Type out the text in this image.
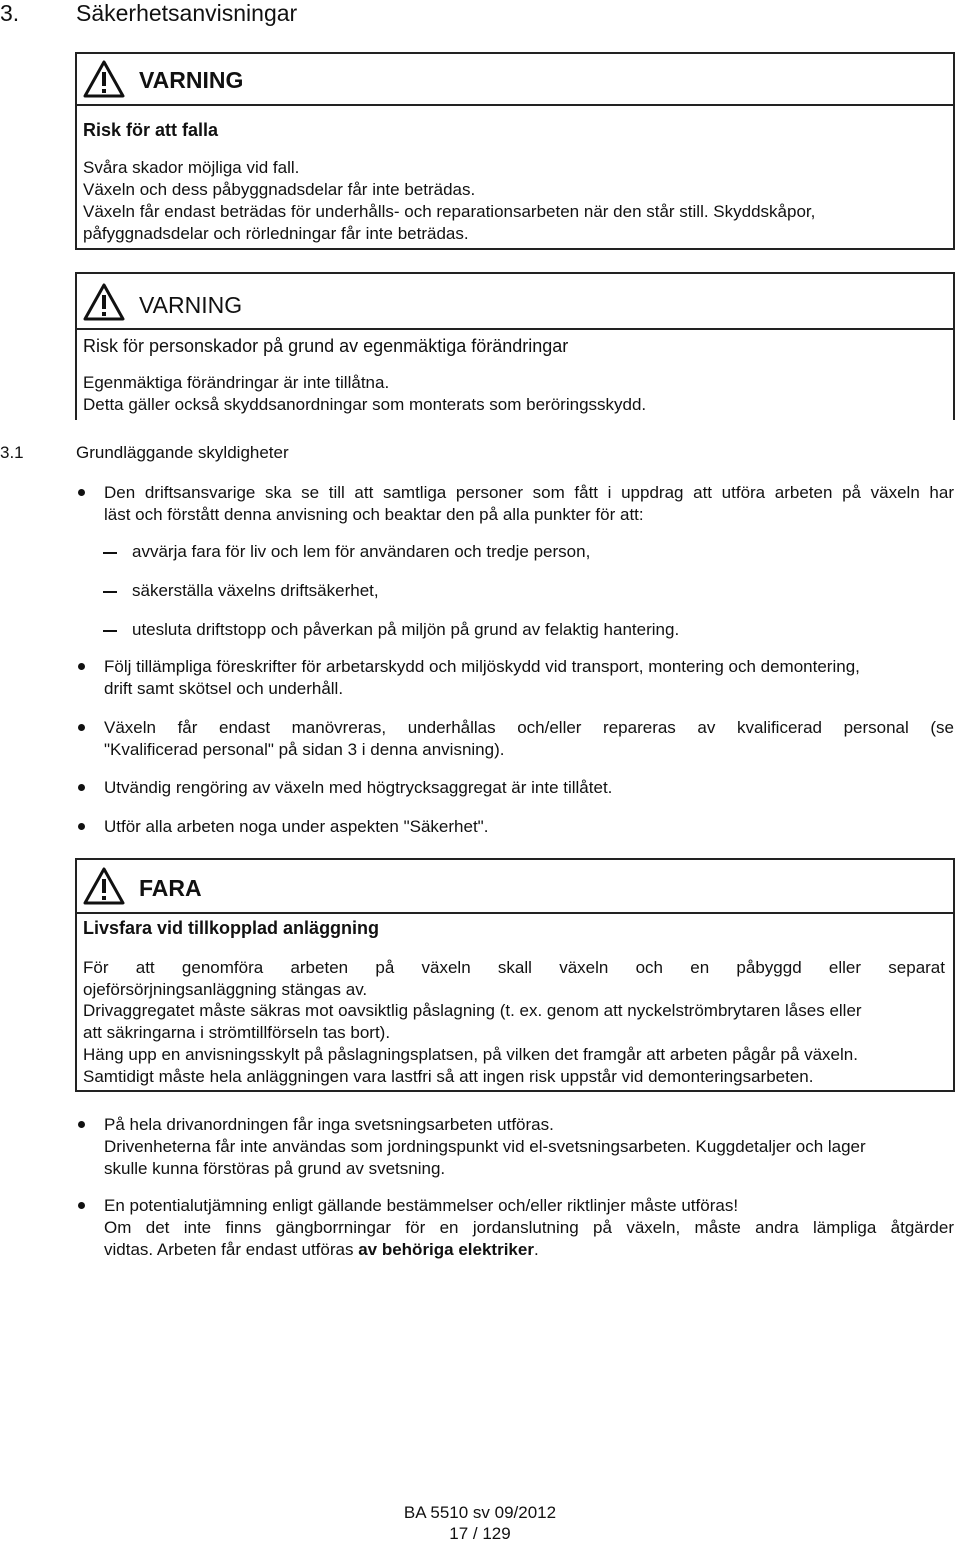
3. Säkerhetsanvisningar
VARNING
Risk för att falla
Svåra skador möjliga vid fall.
Växeln och dess påbyggnadsdelar får inte beträdas.
Växeln får endast beträdas för underhålls- och reparationsarbeten när den står still. Skyddskåpor,
påfyggnadsdelar och rörledningar får inte beträdas.
VARNING
Risk för personskador på grund av egenmäktiga förändringar
Egenmäktiga förändringar är inte tillåtna.
Detta gäller också skyddsanordningar som monterats som beröringsskydd.
3.1	Grundläggande skyldigheter
Den driftsansvarige ska se till att samtliga personer som fått i uppdrag att utföra arbeten på växeln har
läst och förstått denna anvisning och beaktar den på alla punkter för att:
avvärja fara för liv och lem för användaren och tredje person,
säkerställa växelns driftsäkerhet,
utesluta driftstopp och påverkan på miljön på grund av felaktig hantering.
Följ tillämpliga föreskrifter för arbetarskydd och miljöskydd vid transport, montering och demontering,
drift samt skötsel och underhåll.
Växeln får endast manövreras, underhållas och/eller repareras av kvalificerad personal (se
"Kvalificerad personal" på sidan 3 i denna anvisning).
Utvändig rengöring av växeln med högtrycksaggregat är inte tillåtet.
Utför alla arbeten noga under aspekten "Säkerhet".
FARA
Livsfara vid tillkopplad anläggning
För att genomföra arbeten på växeln skall växeln och en påbyggd eller separat
ojeförsörjningsanläggning stängas av.
Drivaggregatet måste säkras mot oavsiktlig påslagning (t. ex. genom att nyckelströmbrytaren låses eller
att säkringarna i strömtillförseln tas bort).
Häng upp en anvisningsskylt på påslagningsplatsen, på vilken det framgår att arbeten pågår på växeln.
Samtidigt måste hela anläggningen vara lastfri så att ingen risk uppstår vid demonteringsarbeten.
På hela drivanordningen får inga svetsningsarbeten utföras.
Drivenheterna får inte användas som jordningspunkt vid el-svetsningsarbeten. Kuggdetaljer och lager
skulle kunna förstöras på grund av svetsning.
En potentialutjämning enligt gällande bestämmelser och/eller riktlinjer måste utföras!
Om det inte finns gängborrningar för en jordanslutning på växeln, måste andra lämpliga åtgärder
vidtas. Arbeten får endast utföras av behöriga elektriker.
BA 5510 sv 09/2012
17 / 129
